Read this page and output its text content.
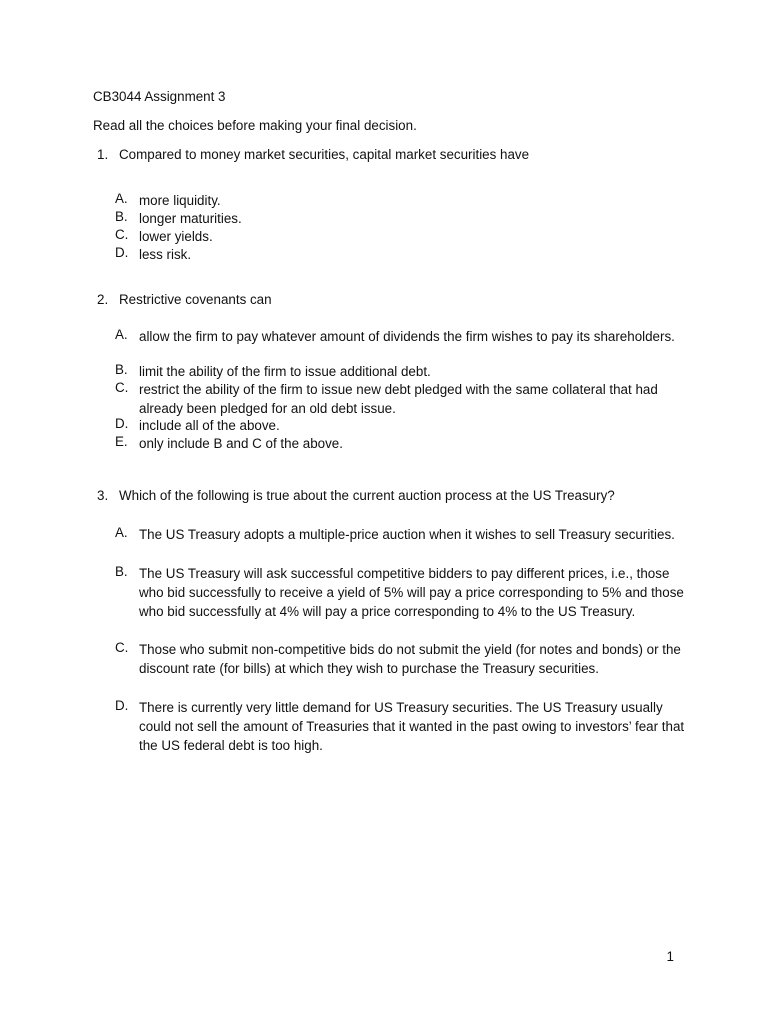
CB3044 Assignment 3
Read all the choices before making your final decision.
1. Compared to money market securities, capital market securities have
A. more liquidity.
B. longer maturities.
C. lower yields.
D. less risk.
2. Restrictive covenants can
A. allow the firm to pay whatever amount of dividends the firm wishes to pay its shareholders.
B. limit the ability of the firm to issue additional debt.
C. restrict the ability of the firm to issue new debt pledged with the same collateral that had already been pledged for an old debt issue.
D. include all of the above.
E. only include B and C of the above.
3. Which of the following is true about the current auction process at the US Treasury?
A. The US Treasury adopts a multiple-price auction when it wishes to sell Treasury securities.
B. The US Treasury will ask successful competitive bidders to pay different prices, i.e., those who bid successfully to receive a yield of 5% will pay a price corresponding to 5% and those who bid successfully at 4% will pay a price corresponding to 4% to the US Treasury.
C. Those who submit non-competitive bids do not submit the yield (for notes and bonds) or the discount rate (for bills) at which they wish to purchase the Treasury securities.
D. There is currently very little demand for US Treasury securities. The US Treasury usually could not sell the amount of Treasuries that it wanted in the past owing to investors’ fear that the US federal debt is too high.
1
